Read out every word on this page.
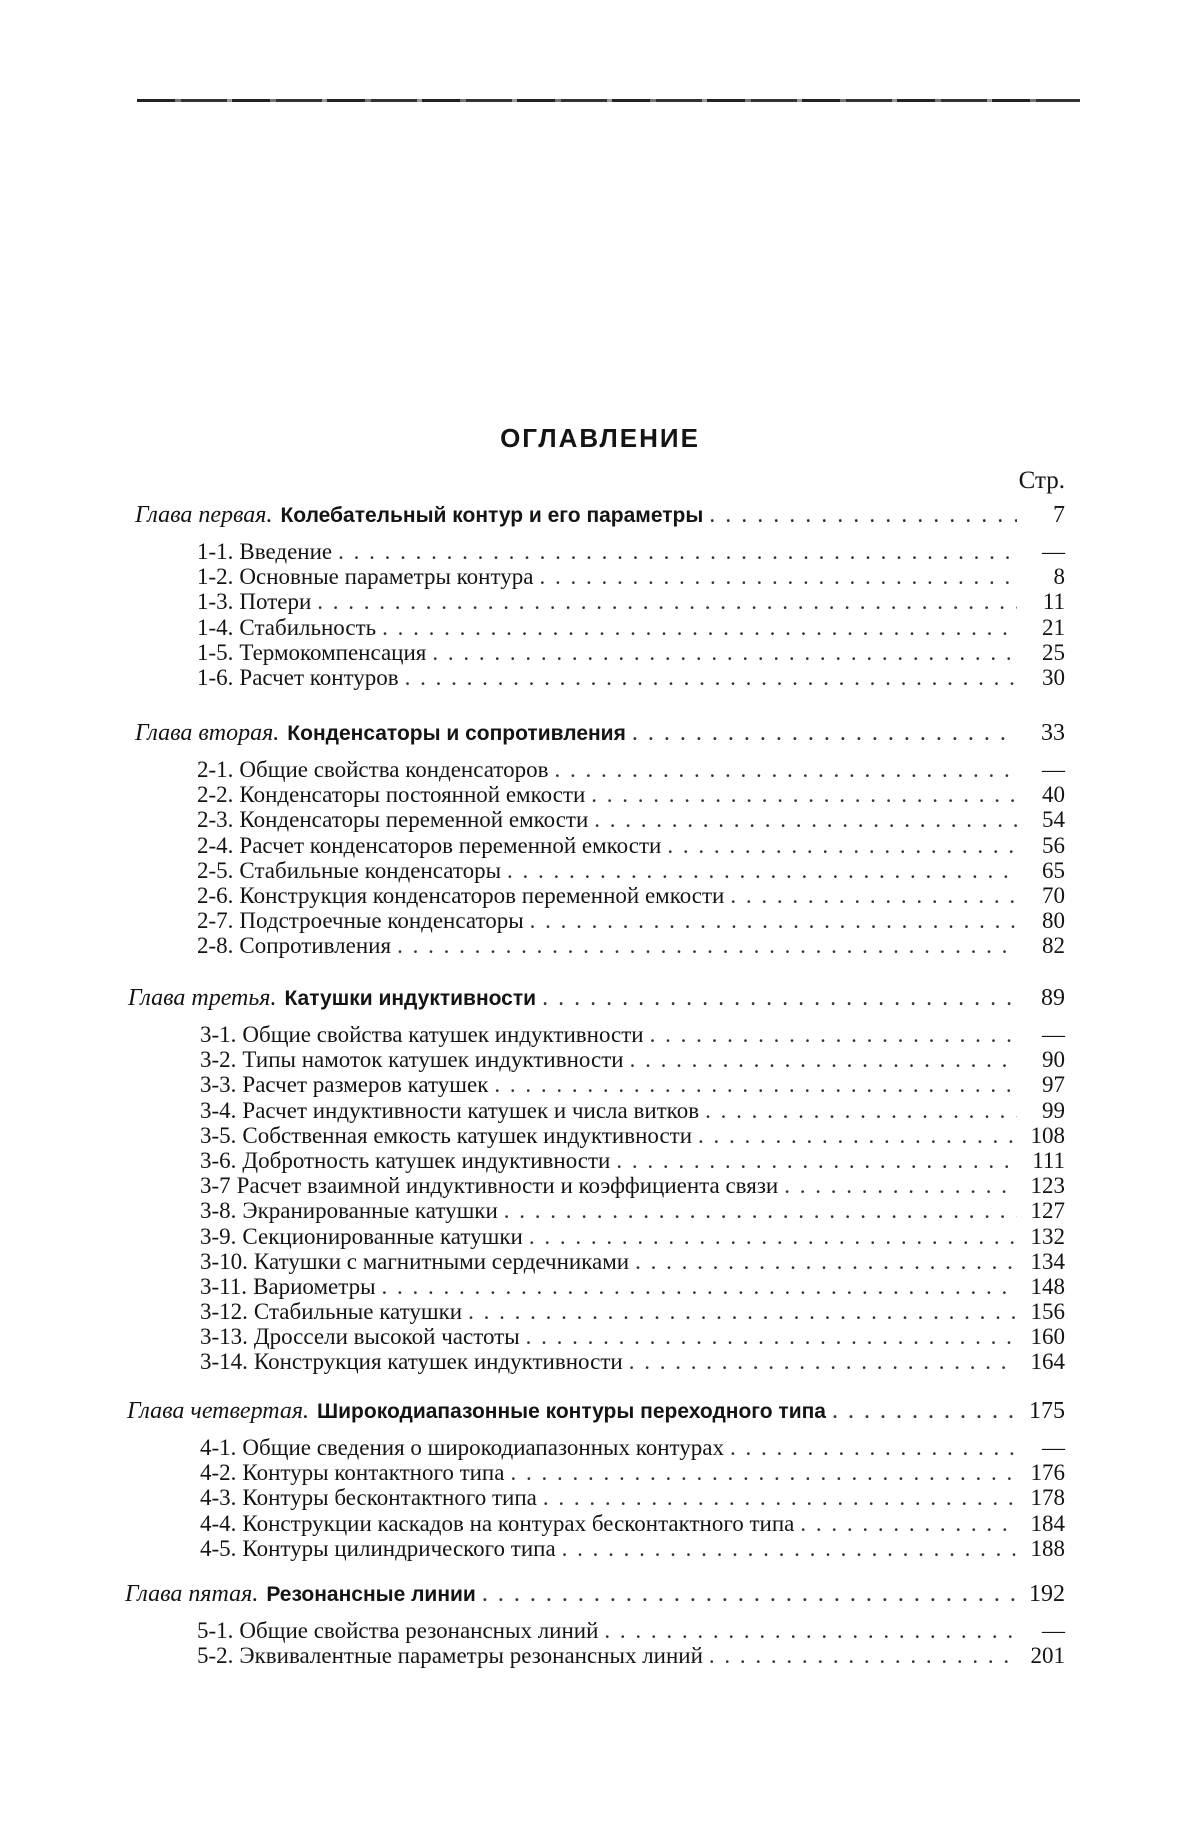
ОГЛАВЛЕНИЕ
Стр.
Глава первая. Колебательный контур и его параметры
. . .	7
1-1. Введение
. . .	—
1-2. Основные параметры контура
. . .	8
1-3. Потери
. . .	11
1-4. Стабильность
. . .	21
1-5. Термокомпенсация
. . .	25
1-6. Расчет контуров
. . .	30
Глава вторая. Конденсаторы и сопротивления
. . .	33
2-1. Общие свойства конденсаторов
. . .	—
2-2. Конденсаторы постоянной емкости
. . .	40
2-3. Конденсаторы переменной емкости
. . .	54
2-4. Расчет конденсаторов переменной емкости
. . .	56
2-5. Стабильные конденсаторы
. . .	65
2-6. Конструкция конденсаторов переменной емкости
. . .	70
2-7. Подстроечные конденсаторы
. . .	80
2-8. Сопротивления
. . .	82
Глава третья. Катушки индуктивности
. . .	89
3-1. Общие свойства катушек индуктивности
. . .	—
3-2. Типы намоток катушек индуктивности
. . .	90
3-3. Расчет размеров катушек
. . .	97
3-4. Расчет индуктивности катушек и числа витков
. . .	99
3-5. Собственная емкость катушек индуктивности
. . .	108
3-6. Добротность катушек индуктивности
. . .	111
3-7 Расчет взаимной индуктивности и коэффициента связи
. . .	123
3-8. Экранированные катушки
. . .	127
3-9. Секционированные катушки
. . .	132
3-10. Катушки с магнитными сердечниками
. . .	134
3-11. Вариометры
. . .	148
3-12. Стабильные катушки
. . .	156
3-13. Дроссели высокой частоты
. . .	160
3-14. Конструкция катушек индуктивности
. . .	164
Глава четвертая. Широкодиапазонные контуры переходного типа
. . .	175
4-1. Общие сведения о широкодиапазонных контурах
. . .	—
4-2. Контуры контактного типа
. . .	176
4-3. Контуры бесконтактного типа
. . .	178
4-4. Конструкции каскадов на контурах бесконтактного типа
. . .	184
4-5. Контуры цилиндрического типа
. . .	188
Глава пятая. Резонансные линии
. . .	192
5-1. Общие свойства резонансных линий
. . .	—
5-2. Эквивалентные параметры резонансных линий
. . .	201
